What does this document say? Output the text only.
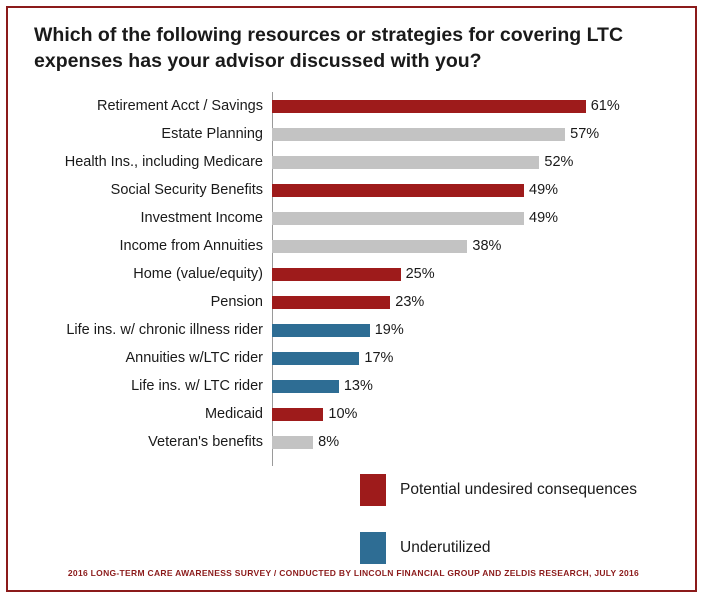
Which of the following resources or strategies for covering LTC expenses has your advisor discussed with you?
Retirement Acct / Savings	61%
Estate Planning	57%
Health Ins., including Medicare	52%
Social Security Benefits	49%
Investment Income	49%
Income from Annuities	38%
Home (value/equity)	25%
Pension	23%
Life ins. w/ chronic illness rider	19%
Annuities w/LTC rider	17%
Life ins. w/ LTC rider	13%
Medicaid	10%
Veteran's benefits	8%
Potential undesired consequences
Underutilized
2016 LONG-TERM CARE AWARENESS SURVEY / CONDUCTED BY LINCOLN FINANCIAL GROUP AND ZELDIS RESEARCH, JULY 2016
